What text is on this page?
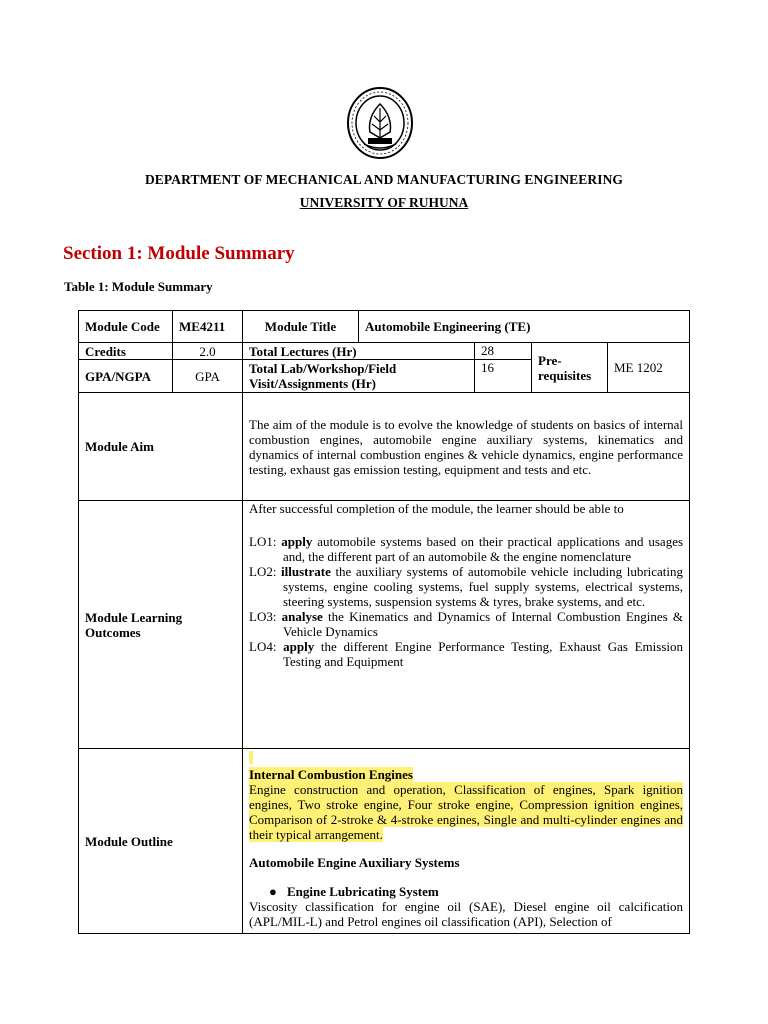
DEPARTMENT OF MECHANICAL AND MANUFACTURING ENGINEERING
UNIVERSITY OF RUHUNA
Section 1: Module Summary
Table 1: Module Summary
Module Code	ME4211	Module Title	Automobile Engineering (TE)			
Credits	2.0	Total Lectures (Hr)		28	Pre-requisites	ME 1202
GPA/NGPA	GPA	Total Lab/Workshop/Field Visit/Assignments (Hr)		16		
Module Aim		The aim of the module is to evolve the knowledge of students on basics of internal combustion engines, automobile engine auxiliary systems, kinematics and dynamics of internal combustion engines & vehicle dynamics, engine performance testing, exhaust gas emission testing, equipment and tests and etc.				
Module Learning Outcomes		After successful completion of the module, the learner should be able to

LO1: apply automobile systems based on their practical applications and usages and, the different part of an automobile & the engine nomenclature

LO2: illustrate the auxiliary systems of automobile vehicle including lubricating systems, engine cooling systems, fuel supply systems, electrical systems, steering systems, suspension systems & tyres, brake systems, and etc.

LO3: analyse the Kinematics and Dynamics of Internal Combustion Engines & Vehicle Dynamics

LO4: apply the different Engine Performance Testing, Exhaust Gas Emission Testing and Equipment				

Module Outline		Internal Combustion Engines

Engine construction and operation, Classification of engines, Spark ignition engines, Two stroke engine, Four stroke engine, Compression ignition engines, Comparison of 2-stroke & 4-stroke engines, Single and multi-cylinder engines and their typical arrangement.

Automobile Engine Auxiliary Systems

● Engine Lubricating System

Viscosity classification for engine oil (SAE), Diesel engine oil calcification (APL/MIL-L) and Petrol engines oil classification (API), Selection of				
